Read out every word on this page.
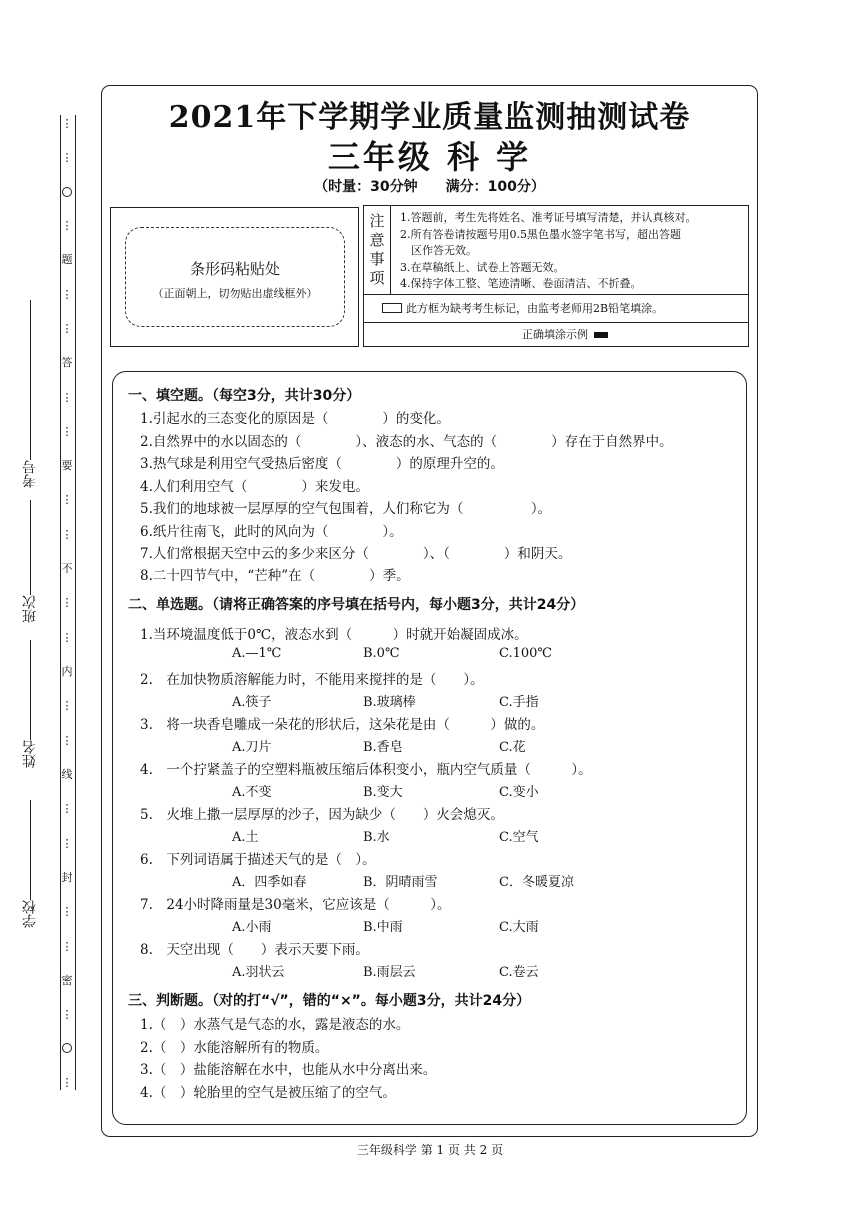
⋮
⋮
⋮
题
⋮
⋮
答
⋮
⋮
要
⋮
⋮
不
⋮
⋮
内
⋮
⋮
线
⋮
⋮
封
⋮
⋮
密
⋮
⋮
考号
班次
姓名
学校
2021年下学期学业质量监测抽测试卷
三年级 科 学
（时量：30分钟　　满分：100分）
条形码粘贴处
（正面朝上，切勿贴出虚线框外）
注
意
事
项
1.答题前，考生先将姓名、准考证号填写清楚，并认真核对。
2.所有答卷请按题号用0.5黑色墨水签字笔书写，超出答题
区作答无效。
3.在草稿纸上、试卷上答题无效。
4.保持字体工整、笔迹清晰、卷面清洁、不折叠。
此方框为缺考考生标记，由监考老师用2B铅笔填涂。
正确填涂示例
一、填空题。（每空3分，共计30分）
1.引起水的三态变化的原因是（　　　　）的变化。
2.自然界中的水以固态的（　　　　）、液态的水、气态的（　　　　）存在于自然界中。
3.热气球是利用空气受热后密度（　　　　）的原理升空的。
4.人们利用空气（　　　　）来发电。
5.我们的地球被一层厚厚的空气包围着，人们称它为（　　　　　）。
6.纸片往南飞，此时的风向为（　　　　）。
7.人们常根据天空中云的多少来区分（　　　　）、（　　　　）和阴天。
8.二十四节气中，“芒种”在（　　　　）季。
二、单选题。（请将正确答案的序号填在括号内，每小题3分，共计24分）
1.当环境温度低于0℃，液态水到（　　　）时就开始凝固成冰。
A.—1℃	B.0℃	C.100℃
2.　在加快物质溶解能力时，不能用来搅拌的是（　　）。
A.筷子	B.玻璃棒	C.手指
3.　将一块香皂雕成一朵花的形状后，这朵花是由（　　　）做的。
A.刀片	B.香皂	C.花
4.　一个拧紧盖子的空塑料瓶被压缩后体积变小，瓶内空气质量（　　　）。
A.不变	B.变大	C.变小
5.　火堆上撒一层厚厚的沙子，因为缺少（　　）火会熄灭。
A.土	B.水	C.空气
6.　下列词语属于描述天气的是（　）。
A．四季如春	B．阴晴雨雪	C．冬暖夏凉
7.　24小时降雨量是30毫米，它应该是（　　　）。
A.小雨	B.中雨	C.大雨
8.　天空出现（　　）表示天要下雨。
A.羽状云	B.雨层云	C.卷云
三、判断题。（对的打“√”，错的“×”。每小题3分，共计24分）
1.（　）水蒸气是气态的水，露是液态的水。
2.（　）水能溶解所有的物质。
3.（　）盐能溶解在水中，也能从水中分离出来。
4.（　）轮胎里的空气是被压缩了的空气。
三年级科学 第 1 页 共 2 页
